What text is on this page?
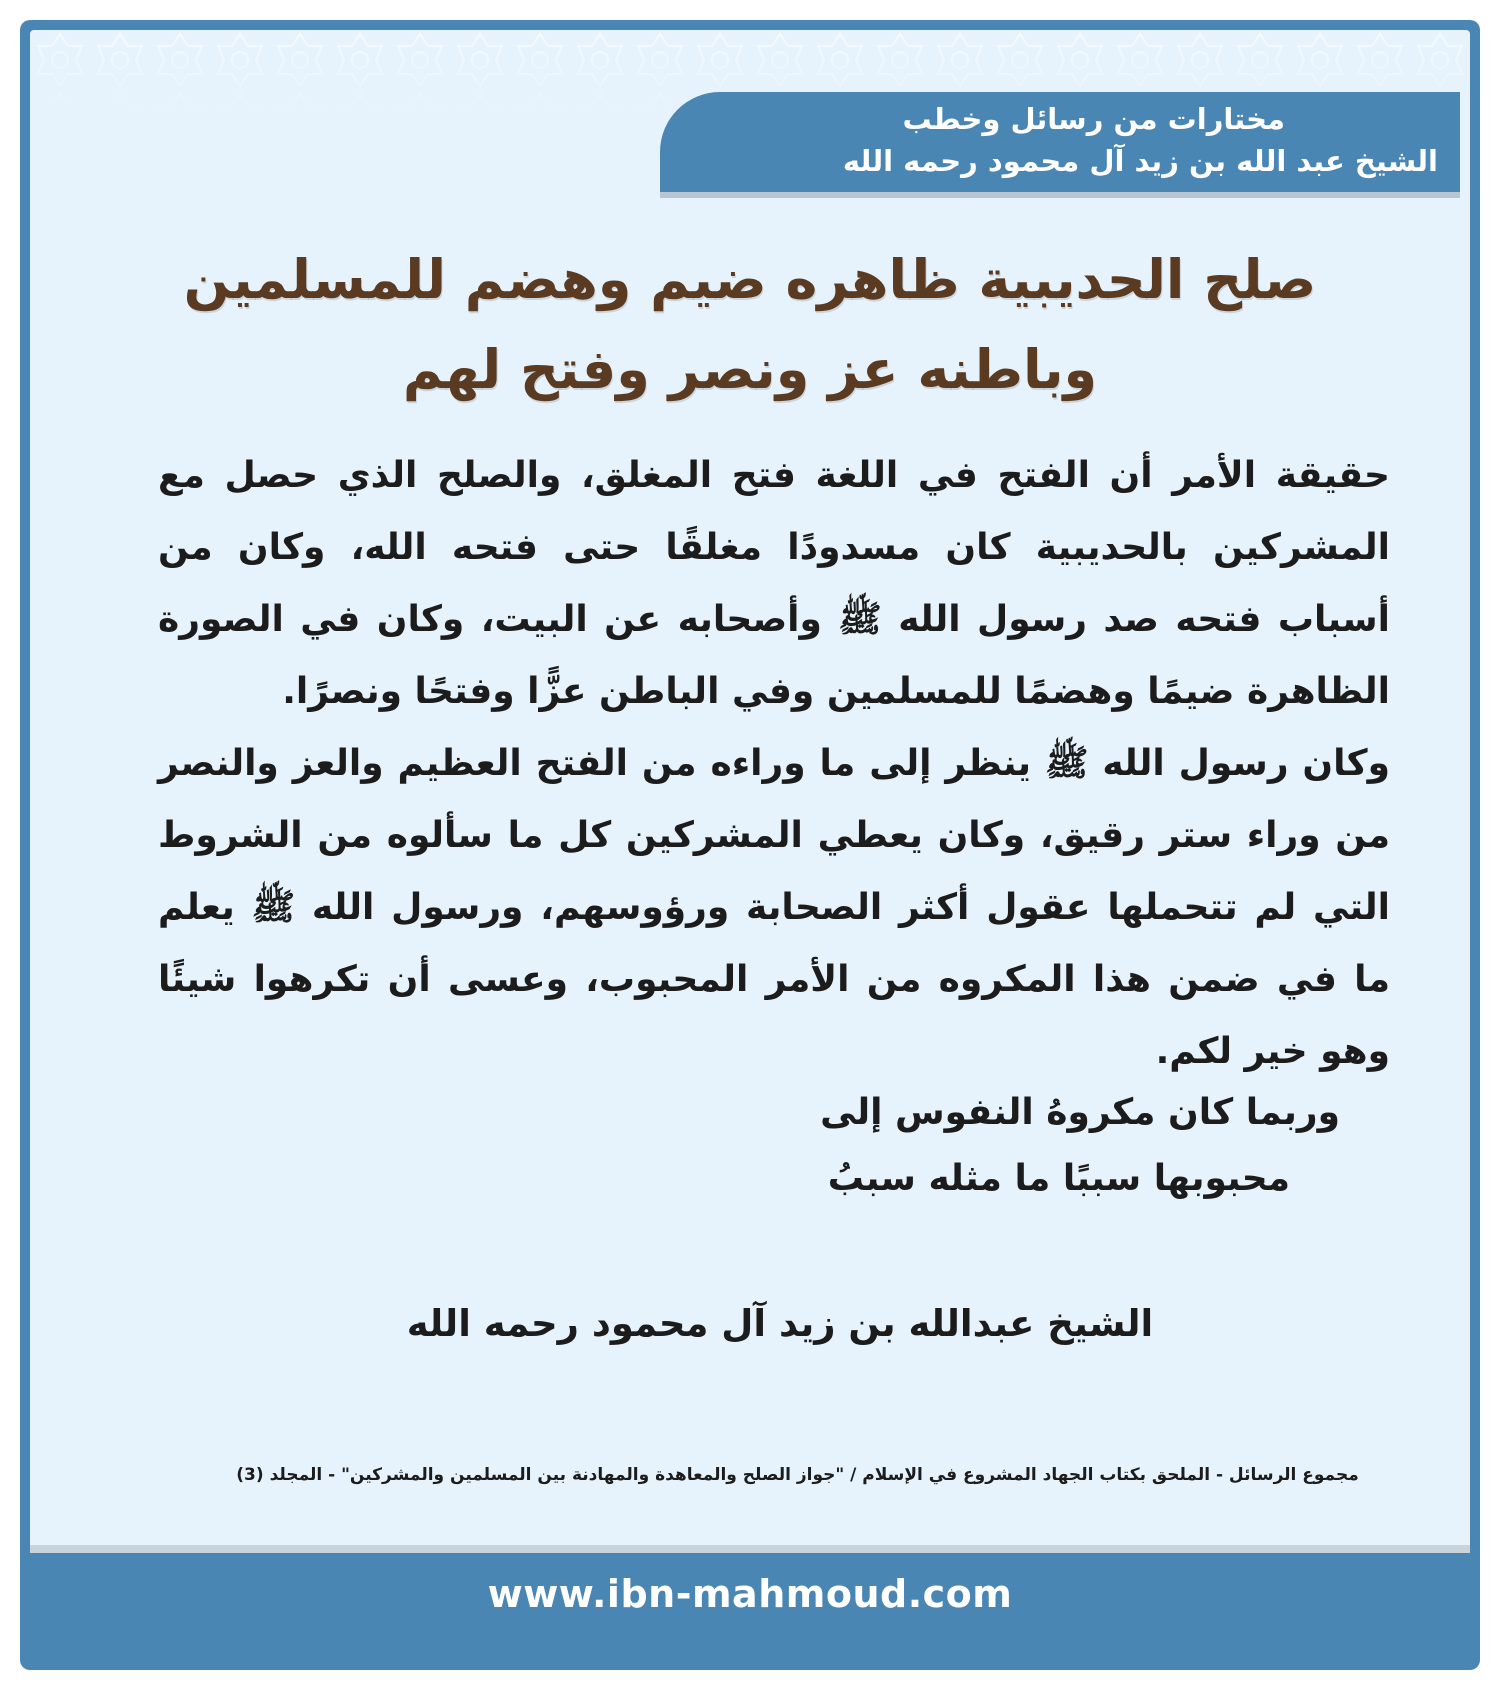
مختارات من رسائل وخطب
الشيخ عبد الله بن زيد آل محمود رحمه الله
صلح الحديبية ظاهره ضيم وهضم للمسلمين
وباطنه عز ونصر وفتح لهم

حقيقة الأمر أن الفتح في اللغة فتح المغلق، والصلح الذي حصل مع المشركين بالحديبية كان مسدودًا مغلقًا حتى فتحه الله، وكان من أسباب فتحه صد رسول الله ﷺ وأصحابه عن البيت، وكان في الصورة الظاهرة ضيمًا وهضمًا للمسلمين وفي الباطن عزًّا وفتحًا ونصرًا.

وكان رسول الله ﷺ ينظر إلى ما وراءه من الفتح العظيم والعز والنصر من وراء ستر رقيق، وكان يعطي المشركين كل ما سألوه من الشروط التي لم تتحملها عقول أكثر الصحابة ورؤوسهم، ورسول الله ﷺ يعلم ما في ضمن هذا المكروه من الأمر المحبوب، وعسى أن تكرهوا شيئًا وهو خير لكم.

وربما كان مكروهُ النفوس إلى
محبوبها سببًا ما مثله سببُ
الشيخ عبدالله بن زيد آل محمود رحمه الله
مجموع الرسائل - الملحق بكتاب الجهاد المشروع في الإسلام / "جواز الصلح والمعاهدة والمهادنة بين المسلمين والمشركين" - المجلد (3)
www.ibn-mahmoud.com
